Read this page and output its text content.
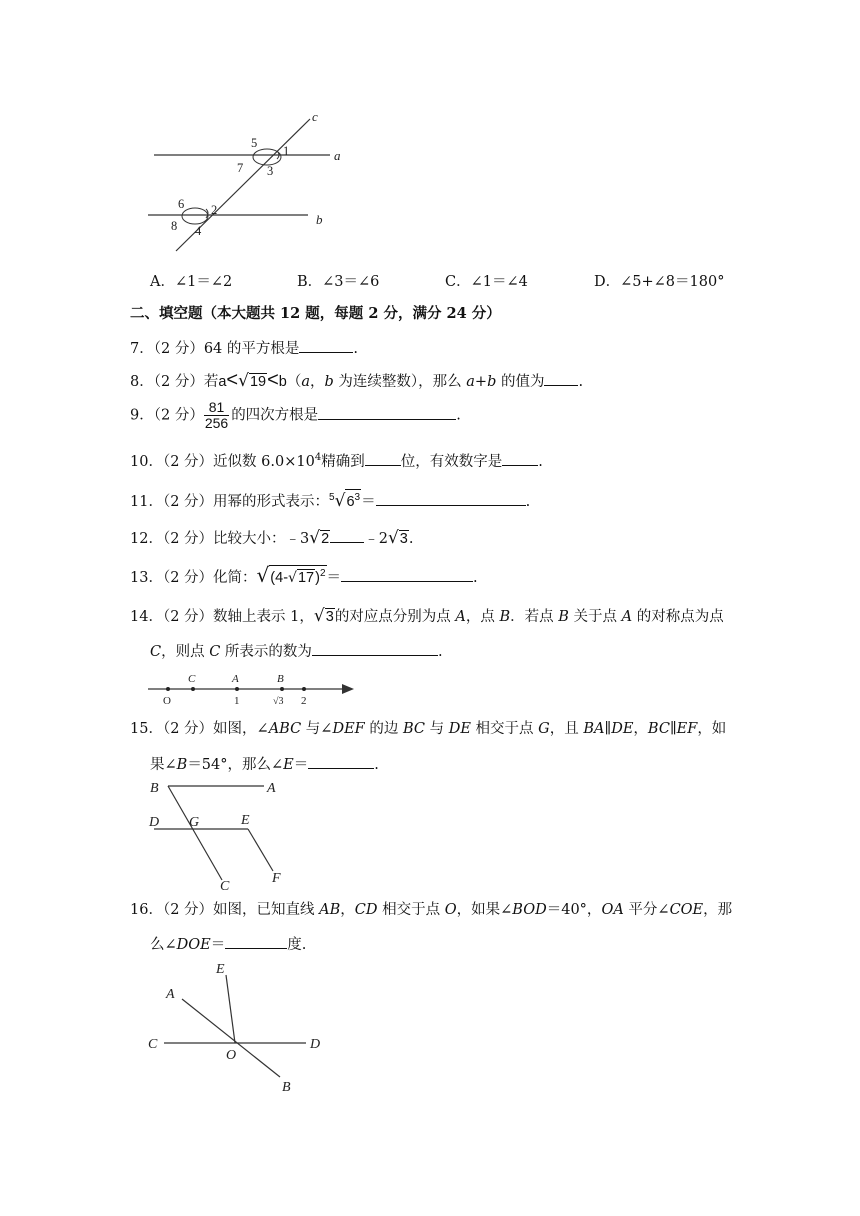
c
a
b
5
1
7 3
6 2
8 4
A．∠1＝∠2	B．∠3＝∠6	C．∠1＝∠4	D．∠5+∠8＝180°
二、填空题（本大题共 12 题，每题 2 分，满分 24 分）
7．（2 分）64 的平方根是	.
8．（2 分）若a<√19<b（a，b 为连续整数），那么 a+b 的值为 .
9．（2 分） $\frac{81}{256}$ 的四次方根是	.
10．（2 分）近似数 $6.0\times 10^4$精确到 位，有效数字是 .
11．（2 分）用幂的形式表示：$^5√6^3=$	.
12．（2 分）比较大小：﹣3√2 ﹣2√3.
13．（2 分）化简：$√(4-√17)^2=$	.
14．（2 分）数轴上表示 1，√3的对应点分别为点 A，点 B．若点 B 关于点 A 的对称点为点
C，则点 C 所表示的数为	.
O
C	A
1
B
√3 2
15．（2 分）如图，∠ABC 与∠DEF 的边 BC 与 DE 相交于点 G，且 BA∥DE，BC∥EF，如
果∠B＝54°，那么∠E＝	.
B	A
D G	E
C
F
16．（2 分）如图，已知直线 AB，CD 相交于点 O，如果∠BOD＝40°，OA 平分∠COE，那
么∠DOE＝	度.
E
A
C
O
D
B
